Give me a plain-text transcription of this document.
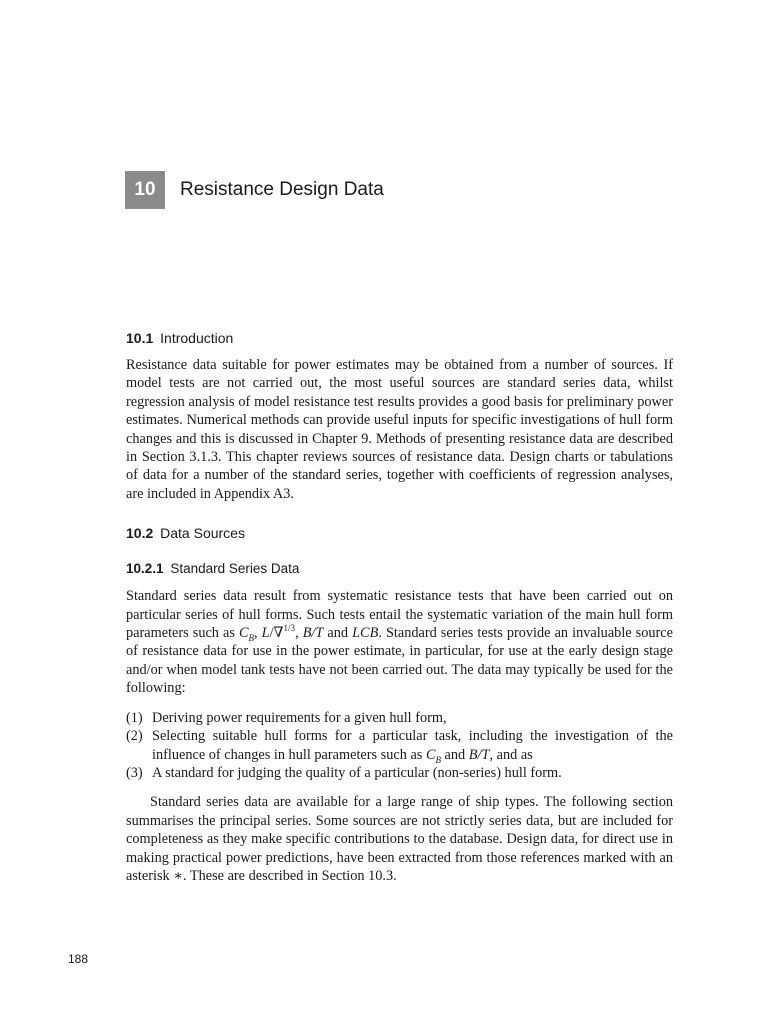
10	Resistance Design Data
10.1 Introduction

Resistance data suitable for power estimates may be obtained from a number of sources. If model tests are not carried out, the most useful sources are standard series data, whilst regression analysis of model resistance test results provides a good basis for preliminary power estimates. Numerical methods can provide useful inputs for specific investigations of hull form changes and this is discussed in Chapter 9. Methods of presenting resistance data are described in Section 3.1.3. This chapter reviews sources of resistance data. Design charts or tabulations of data for a number of the standard series, together with coefficients of regression analyses, are included in Appendix A3.

10.2 Data Sources
10.2.1 Standard Series Data

Standard series data result from systematic resistance tests that have been carried out on particular series of hull forms. Such tests entail the systematic variation of the main hull form parameters such as $C_B$, L/∇$^{1/3}$, B/T and LCB. Standard series tests provide an invaluable source of resistance data for use in the power estimate, in particular, for use at the early design stage and/or when model tank tests have not been carried out. The data may typically be used for the following:

(1) Deriving power requirements for a given hull form,
(2) Selecting suitable hull forms for a particular task, including the investigation of the influence of changes in hull parameters such as $C_B$ and B/T, and as
(3) A standard for judging the quality of a particular (non-series) hull form.

Standard series data are available for a large range of ship types. The following section summarises the principal series. Some sources are not strictly series data, but are included for completeness as they make specific contributions to the database. Design data, for direct use in making practical power predictions, have been extracted from those references marked with an asterisk ∗. These are described in Section 10.3.

188
